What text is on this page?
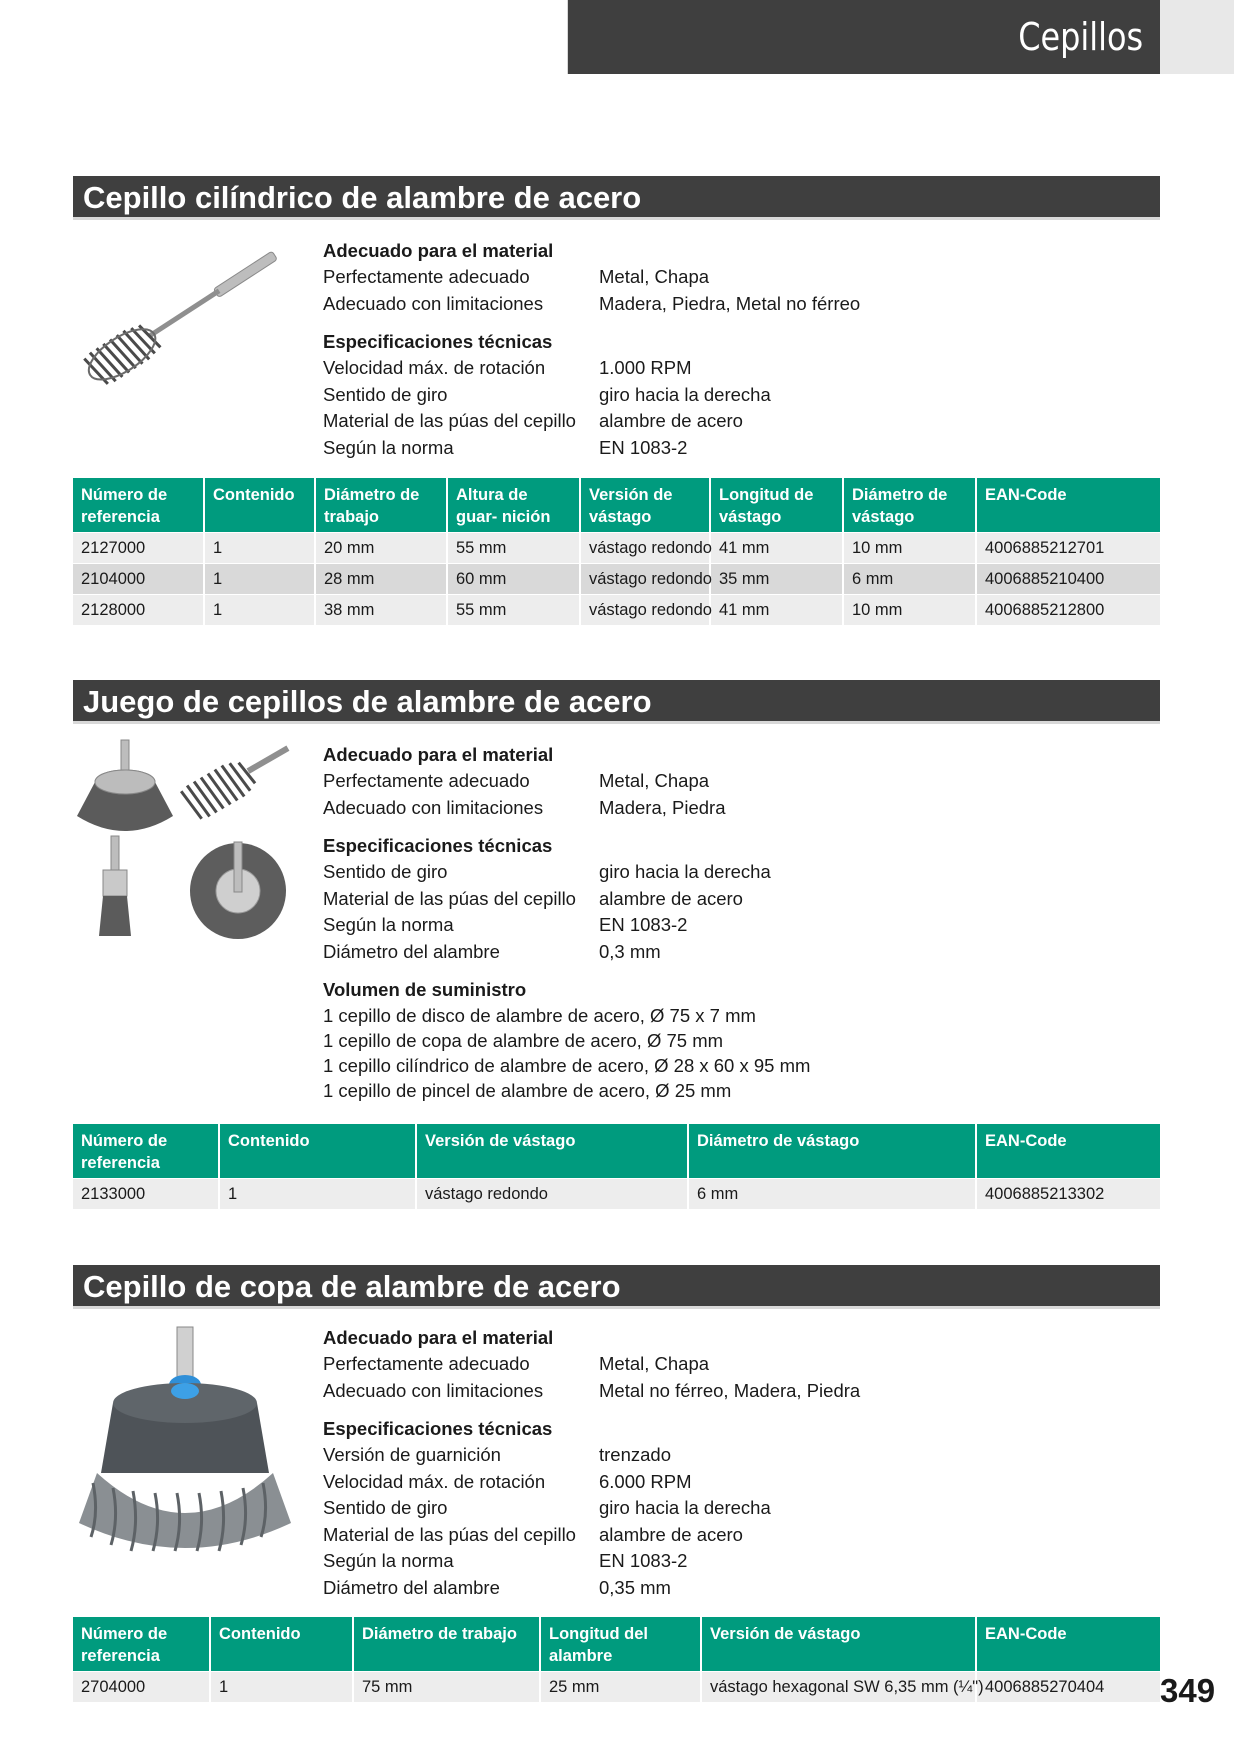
Cepillos
Cepillo cilíndrico de alambre de acero
Adecuado para el material
Perfectamente adecuado	Metal, Chapa
Adecuado con limitaciones	Madera, Piedra, Metal no férreo
Especificaciones técnicas
Velocidad máx. de rotación	1.000 RPM
Sentido de giro	giro hacia la derecha
Material de las púas del cepillo	alambre de acero
Según la norma	EN 1083-2
Número de referencia	Contenido	Diámetro de trabajo	Altura de guar- nición	Versión de vástago	Longitud de vástago	Diámetro de vástago	EAN-Code
2127000	1	20 mm	55 mm	vástago redondo	41 mm	10 mm	4006885212701
2104000	1	28 mm	60 mm	vástago redondo	35 mm	6 mm	4006885210400
2128000	1	38 mm	55 mm	vástago redondo	41 mm	10 mm	4006885212800
Juego de cepillos de alambre de acero
Adecuado para el material
Perfectamente adecuado	Metal, Chapa
Adecuado con limitaciones	Madera, Piedra
Especificaciones técnicas
Sentido de giro	giro hacia la derecha
Material de las púas del cepillo	alambre de acero
Según la norma	EN 1083-2
Diámetro del alambre	0,3 mm
Volumen de suministro
1 cepillo de disco de alambre de acero, Ø 75 x 7 mm
1 cepillo de copa de alambre de acero, Ø 75 mm
1 cepillo cilíndrico de alambre de acero, Ø 28 x 60 x 95 mm
1 cepillo de pincel de alambre de acero, Ø 25 mm
Número de referencia	Contenido	Versión de vástago	Diámetro de vástago	EAN-Code
2133000	1	vástago redondo	6 mm	4006885213302
Cepillo de copa de alambre de acero
Adecuado para el material
Perfectamente adecuado	Metal, Chapa
Adecuado con limitaciones	Metal no férreo, Madera, Piedra
Especificaciones técnicas
Versión de guarnición	trenzado
Velocidad máx. de rotación	6.000 RPM
Sentido de giro	giro hacia la derecha
Material de las púas del cepillo	alambre de acero
Según la norma	EN 1083-2
Diámetro del alambre	0,35 mm
Número de referencia	Contenido	Diámetro de trabajo	Longitud del alambre	Versión de vástago	EAN-Code
2704000	1	75 mm	25 mm	vástago hexagonal SW 6,35 mm (¼")	4006885270404 349
